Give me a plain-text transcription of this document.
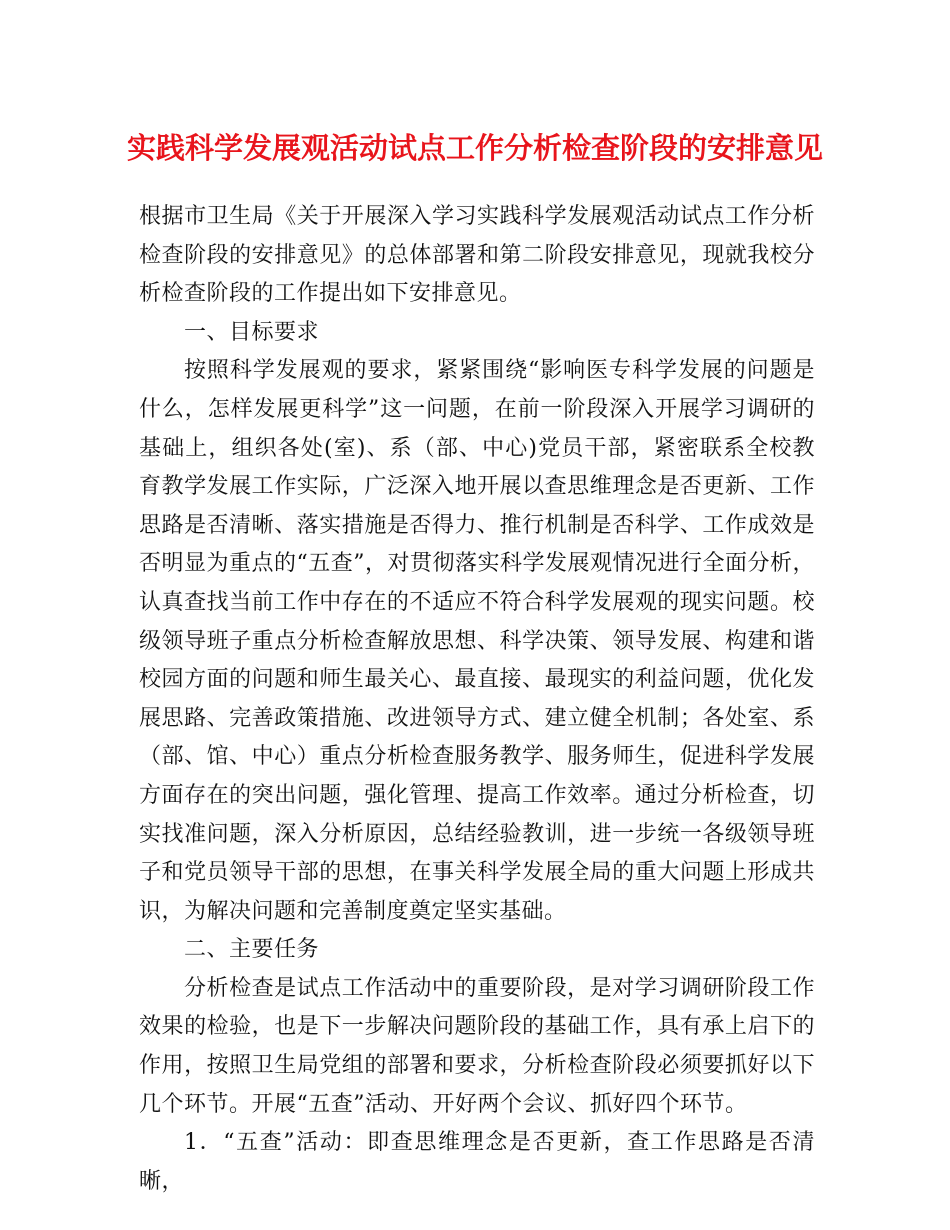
实践科学发展观活动试点工作分析检查阶段的安排意见

根据市卫生局《关于开展深入学习实践科学发展观活动试点工作分析检查阶段的安排意见》的总体部署和第二阶段安排意见，现就我校分析检查阶段的工作提出如下安排意见。

一、目标要求

按照科学发展观的要求，紧紧围绕“影响医专科学发展的问题是什么，怎样发展更科学”这一问题，在前一阶段深入开展学习调研的基础上，组织各处(室)、系（部、中心)党员干部，紧密联系全校教育教学发展工作实际，广泛深入地开展以查思维理念是否更新、工作思路是否清晰、落实措施是否得力、推行机制是否科学、工作成效是否明显为重点的“五查”，对贯彻落实科学发展观情况进行全面分析，认真查找当前工作中存在的不适应不符合科学发展观的现实问题。校级领导班子重点分析检查解放思想、科学决策、领导发展、构建和谐校园方面的问题和师生最关心、最直接、最现实的利益问题，优化发展思路、完善政策措施、改进领导方式、建立健全机制；各处室、系（部、馆、中心）重点分析检查服务教学、服务师生，促进科学发展方面存在的突出问题，强化管理、提高工作效率。通过分析检查，切实找准问题，深入分析原因，总结经验教训，进一步统一各级领导班子和党员领导干部的思想，在事关科学发展全局的重大问题上形成共识，为解决问题和完善制度奠定坚实基础。

二、主要任务

分析检查是试点工作活动中的重要阶段，是对学习调研阶段工作效果的检验，也是下一步解决问题阶段的基础工作，具有承上启下的作用，按照卫生局党组的部署和要求，分析检查阶段必须要抓好以下几个环节。开展“五查”活动、开好两个会议、抓好四个环节。

1．“五查”活动：即查思维理念是否更新，查工作思路是否清晰，
